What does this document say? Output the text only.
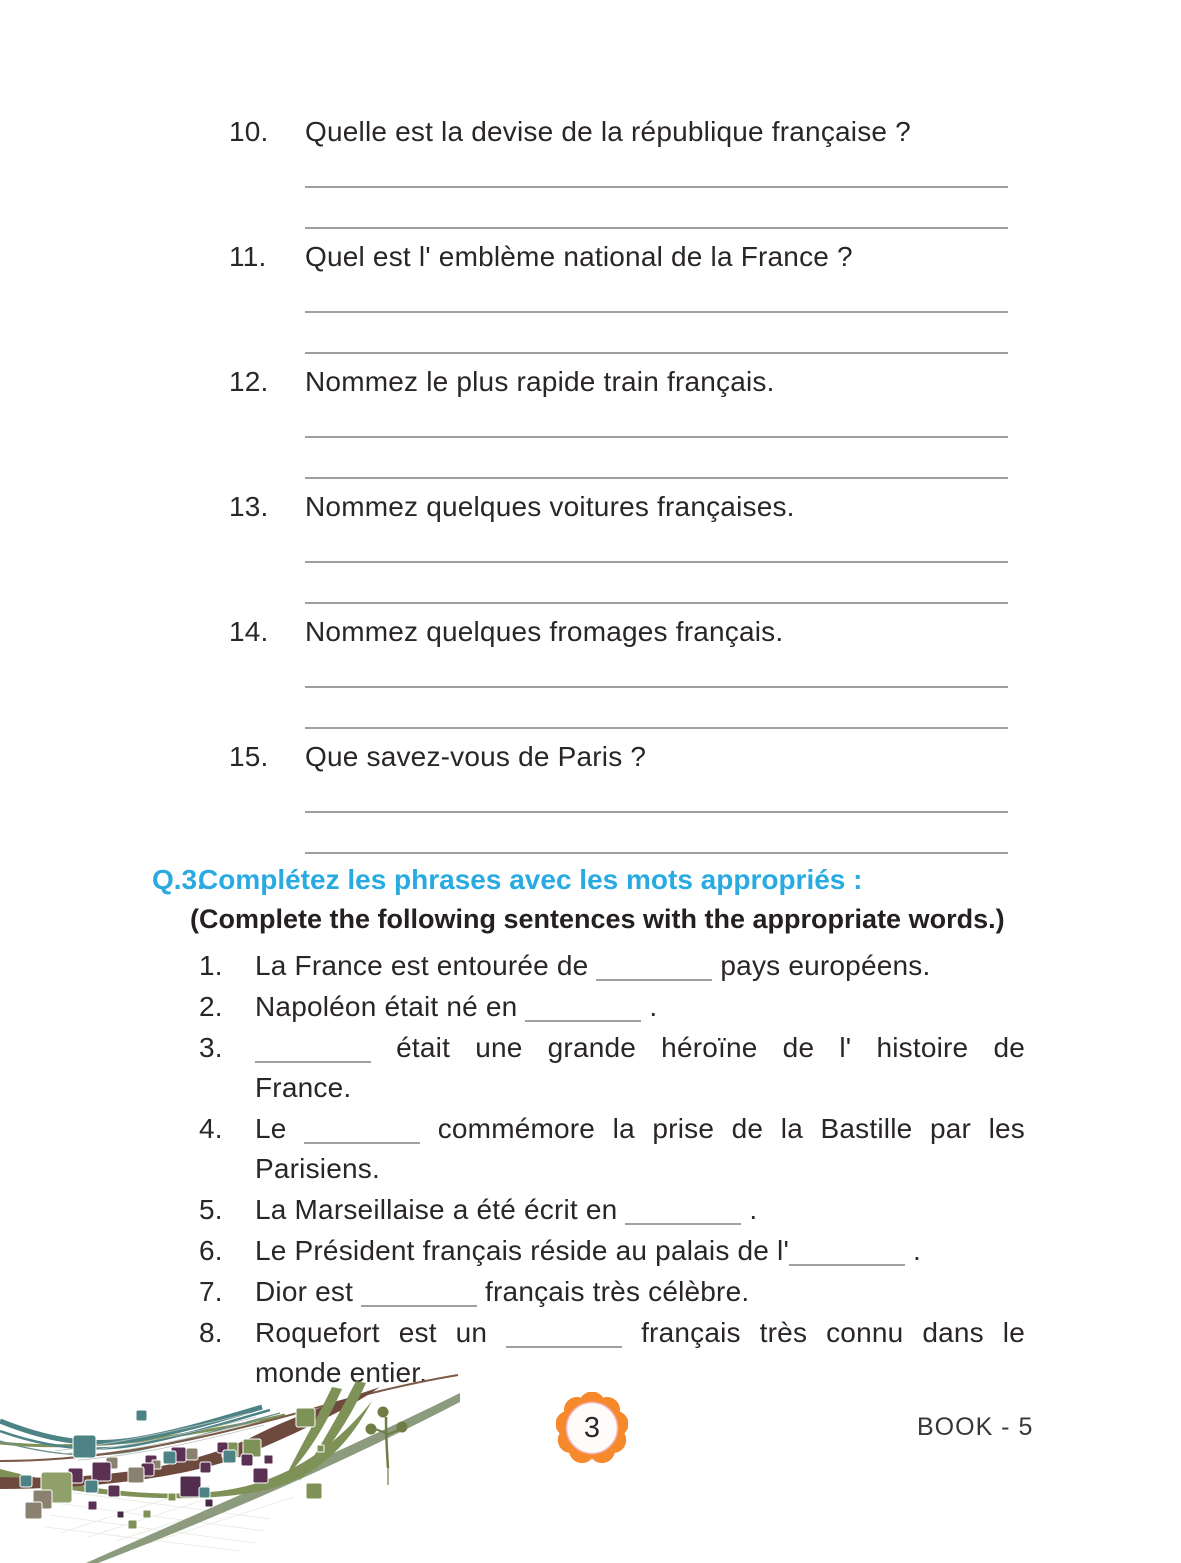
10.	Quelle est la devise de la république française ?
11.	Quel est l' emblème national de la France ?
12.	Nommez le plus rapide train français.
13.	Nommez quelques voitures françaises.
14.	Nommez quelques fromages français.
15.	Que savez-vous de Paris ?
Q.3.
Complétez les phrases avec les mots appropriés :
(Complete the following sentences with the appropriate words.)
1.	La France est entourée de	pays européens.
2.	Napoléon était né en	.
3.	était une grande héroïne de l' histoire de
France.
4.	Le	commémore la prise de la Bastille par les
Parisiens.
5.	La Marseillaise a été écrit en	.
6.	Le Président français réside au palais de l'	.
7.	Dior est	français très célèbre.
8.	Roquefort est un	français très connu dans le
monde entier.
3	BOOK - 5
